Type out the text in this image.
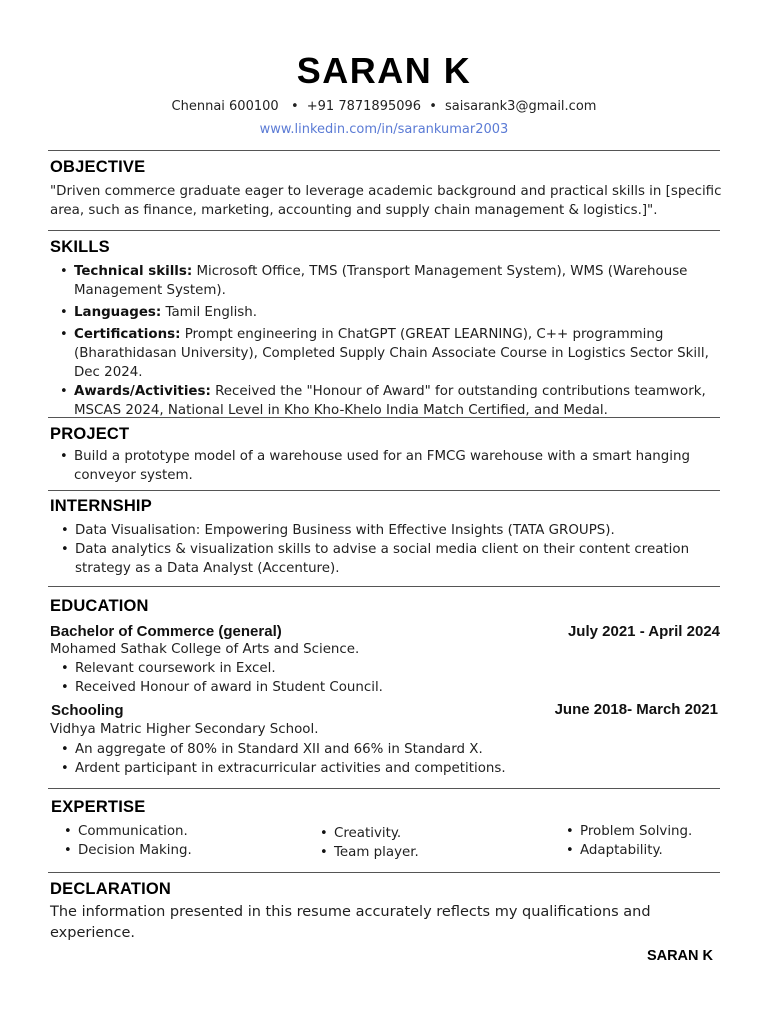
SARAN K
Chennai 600100  • +91 7871895096 • saisarank3@gmail.com
www.linkedin.com/in/sarankumar2003
OBJECTIVE
"Driven commerce graduate eager to leverage academic background and practical skills in [specific area, such as finance, marketing, accounting and supply chain management & logistics.]".
SKILLS
• Technical skills: Microsoft Office, TMS (Transport Management System), WMS (Warehouse Management System).
• Languages: Tamil English.
• Certifications: Prompt engineering in ChatGPT (GREAT LEARNING), C++ programming (Bharathidasan University), Completed Supply Chain Associate Course in Logistics Sector Skill, Dec 2024.
• Awards/Activities: Received the "Honour of Award" for outstanding contributions teamwork, MSCAS 2024, National Level in Kho Kho-Khelo India Match Certified, and Medal.
PROJECT
• Build a prototype model of a warehouse used for an FMCG warehouse with a smart hanging conveyor system.
INTERNSHIP
• Data Visualisation: Empowering Business with Effective Insights (TATA GROUPS).
• Data analytics & visualization skills to advise a social media client on their content creation strategy as a Data Analyst (Accenture).
EDUCATION
Bachelor of Commerce (general)	July 2021 - April 2024
Mohamed Sathak College of Arts and Science.
• Relevant coursework in Excel.
• Received Honour of award in Student Council.
Schooling	June 2018- March 2021
Vidhya Matric Higher Secondary School.
• An aggregate of 80% in Standard XII and 66% in Standard X.
• Ardent participant in extracurricular activities and competitions.
EXPERTISE
• Communication.
• Decision Making.
• Creativity.
• Team player.
• Problem Solving.
• Adaptability.
DECLARATION
The information presented in this resume accurately reflects my qualifications and experience.
SARAN K
